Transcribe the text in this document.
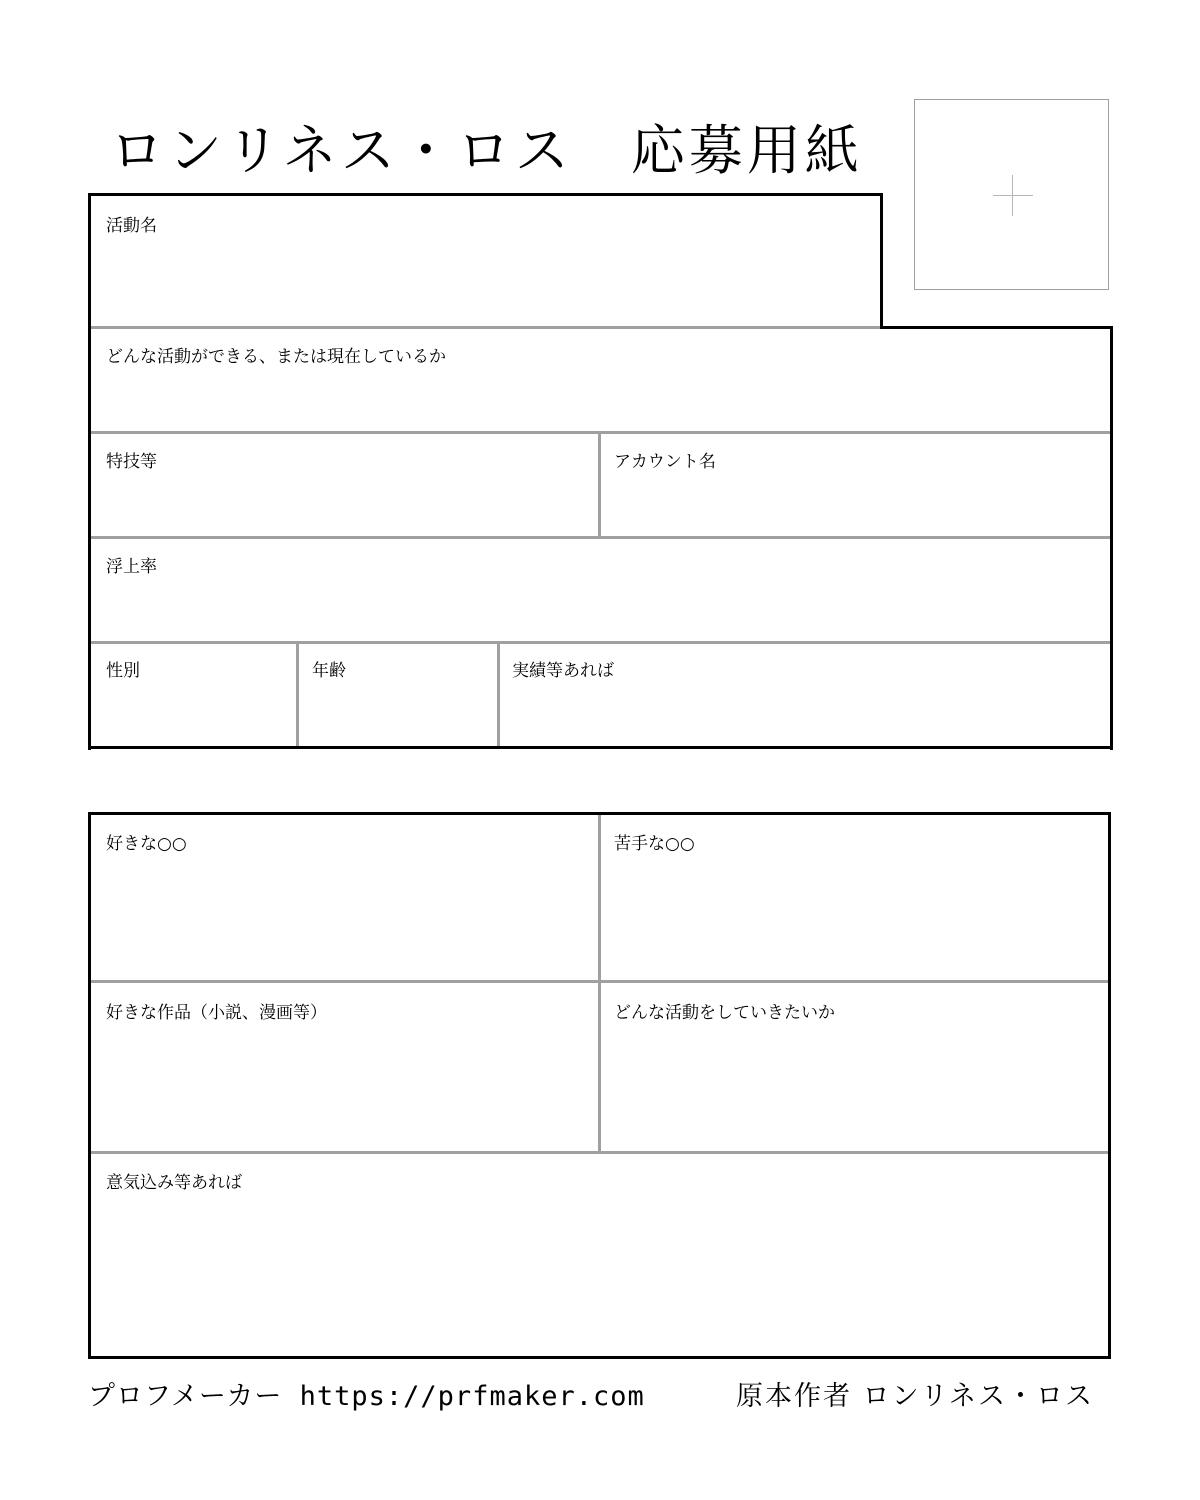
ロンリネス・ロス　応募用紙
活動名
どんな活動ができる、または現在しているか
特技等	アカウント名
浮上率
性別	年齢	実績等あれば
好きな○○	苦手な○○
好きな作品（小説、漫画等）	どんな活動をしていきたいか
意気込み等あれば
プロフメーカー https://prfmaker.com	原本作者 ロンリネス・ロス
